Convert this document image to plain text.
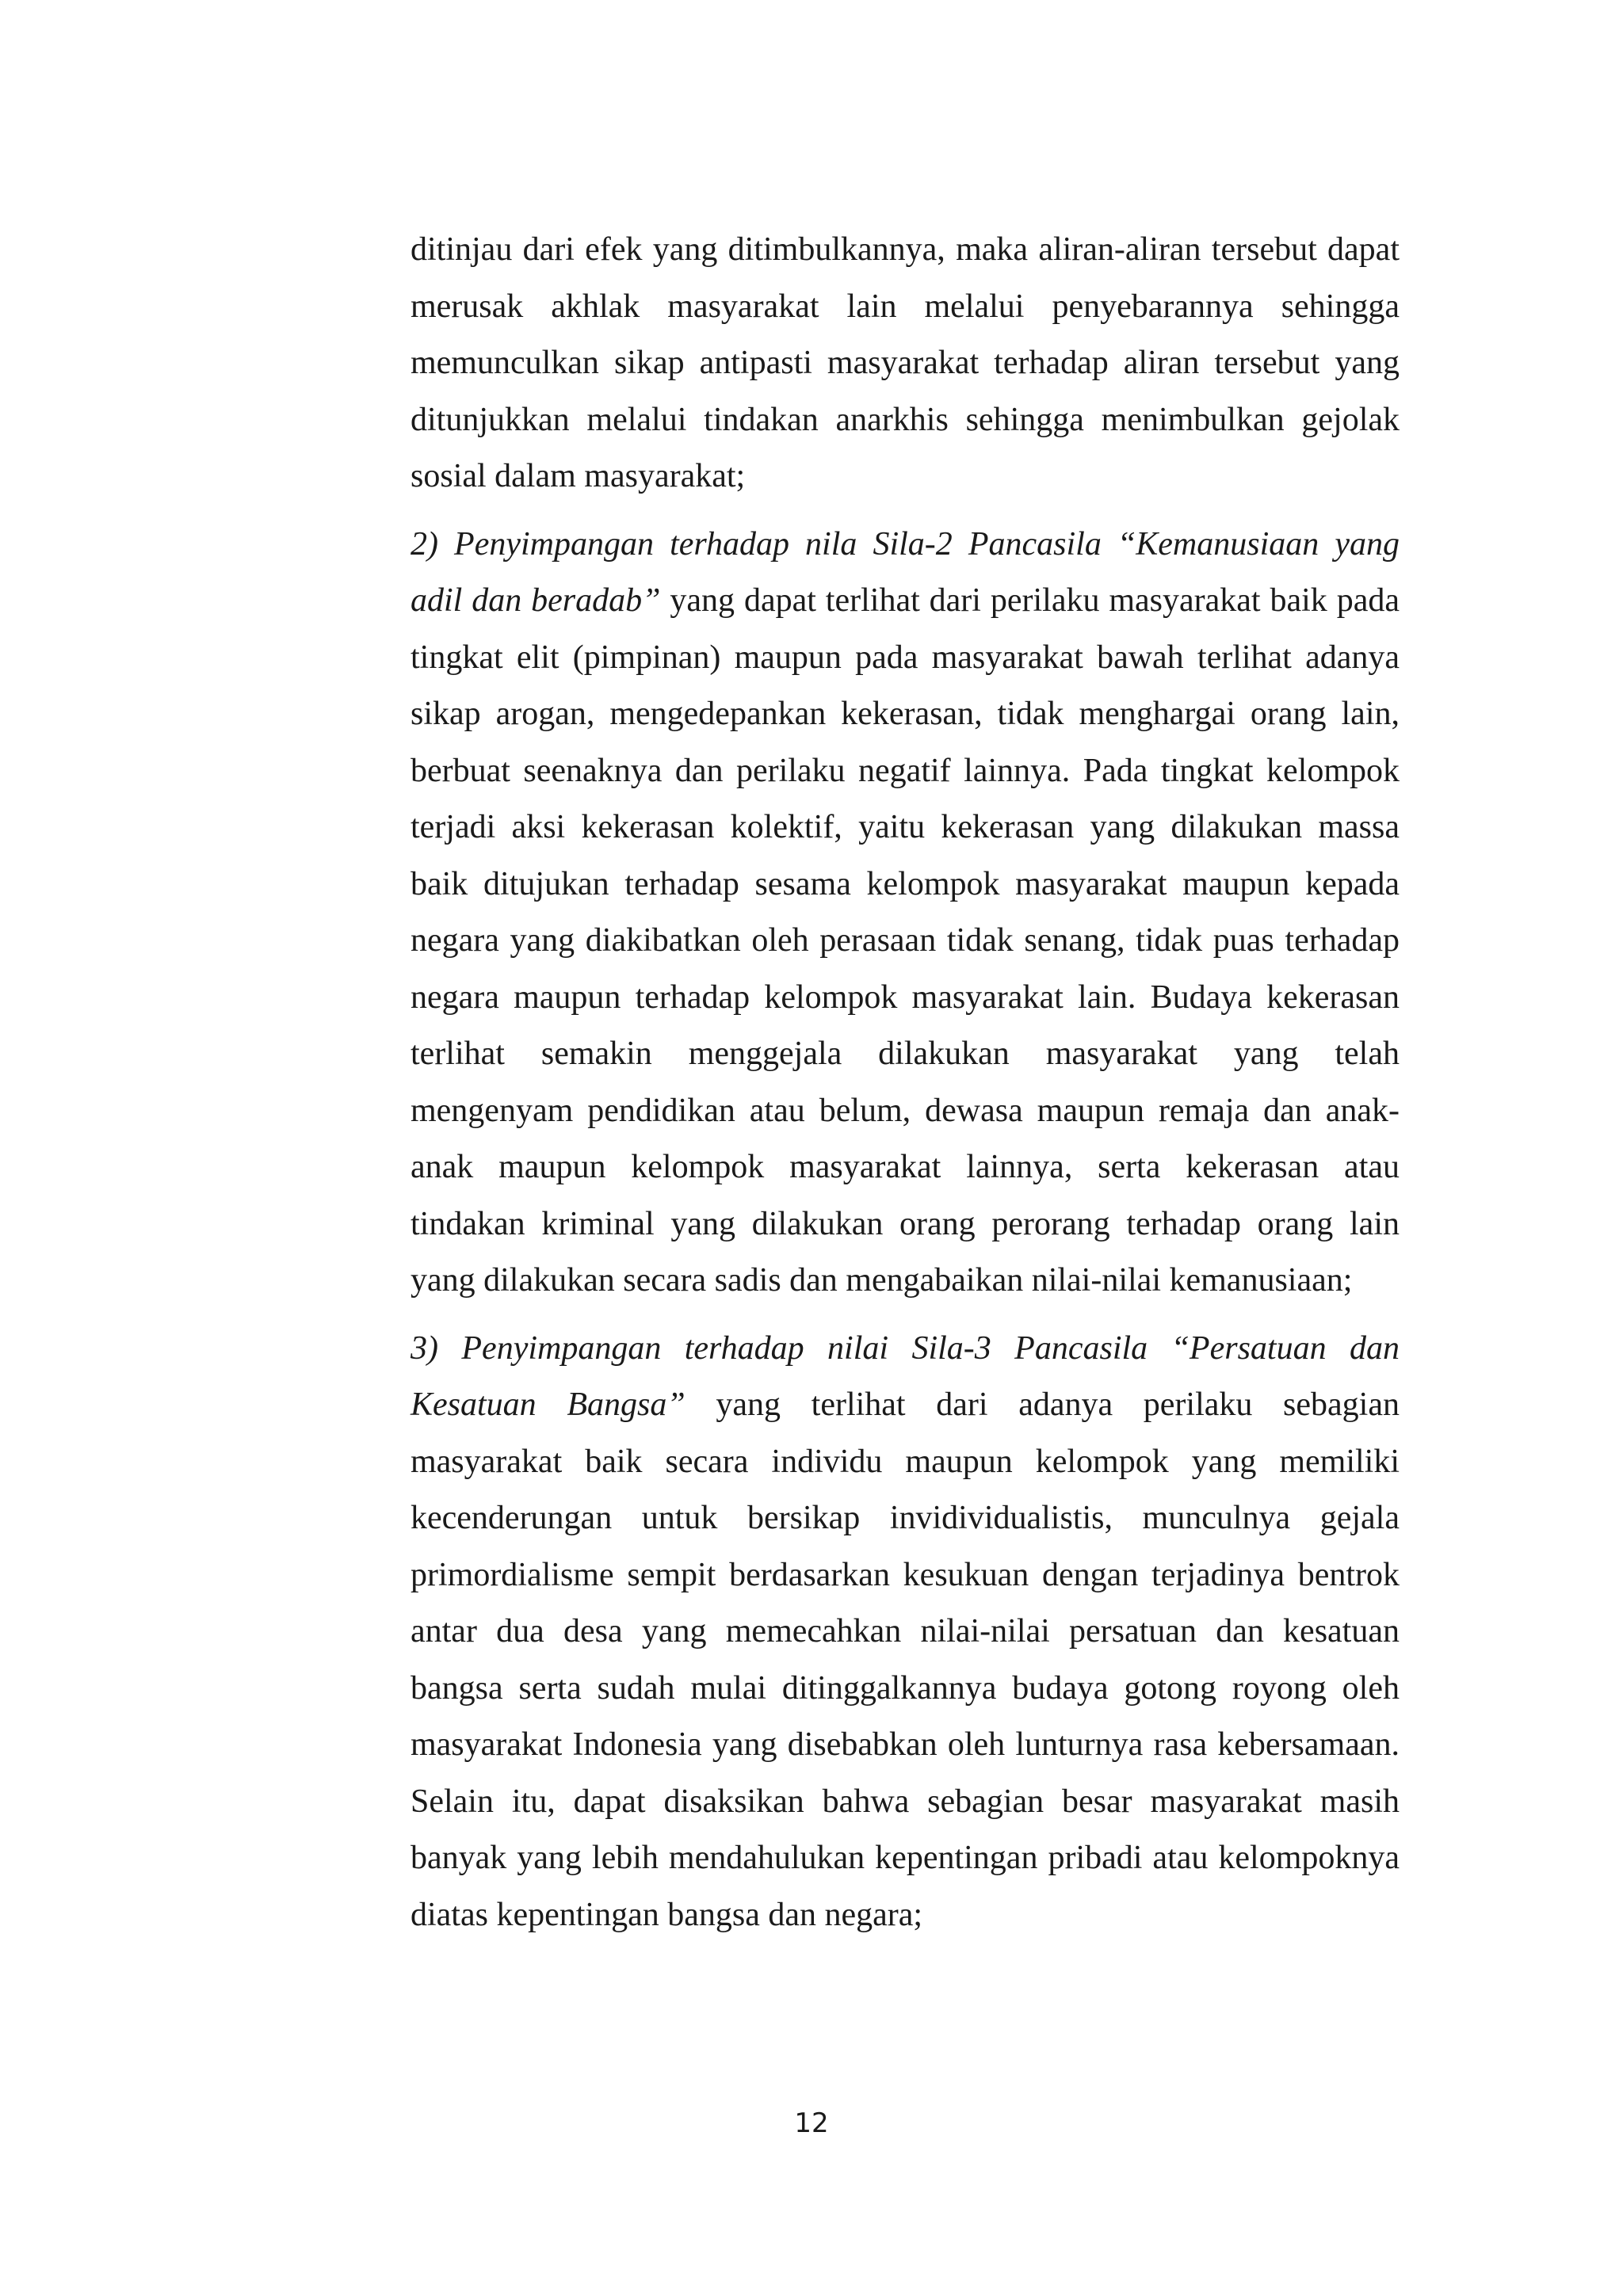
ditinjau dari efek yang ditimbulkannya, maka aliran-aliran tersebut dapat merusak akhlak masyarakat lain melalui penyebarannya sehingga memunculkan sikap antipasti masyarakat terhadap aliran tersebut yang ditunjukkan melalui tindakan anarkhis sehingga menimbulkan gejolak sosial dalam masyarakat;

2) Penyimpangan terhadap nila Sila-2 Pancasila “Kemanusiaan yang adil dan beradab” yang dapat terlihat dari perilaku masyarakat baik pada tingkat elit (pimpinan) maupun pada masyarakat bawah terlihat adanya sikap arogan, mengedepankan kekerasan, tidak menghargai orang lain, berbuat seenaknya dan perilaku negatif lainnya. Pada tingkat kelompok terjadi aksi kekerasan kolektif, yaitu kekerasan yang dilakukan massa baik ditujukan terhadap sesama kelompok masyarakat maupun kepada negara yang diakibatkan oleh perasaan tidak senang, tidak puas terhadap negara maupun terhadap kelompok masyarakat lain. Budaya kekerasan terlihat semakin menggejala dilakukan masyarakat yang telah mengenyam pendidikan atau belum, dewasa maupun remaja dan anak-anak maupun kelompok masyarakat lainnya, serta kekerasan atau tindakan kriminal yang dilakukan orang perorang terhadap orang lain yang dilakukan secara sadis dan mengabaikan nilai-nilai kemanusiaan;

3) Penyimpangan terhadap nilai Sila-3 Pancasila “Persatuan dan Kesatuan Bangsa” yang terlihat dari adanya perilaku sebagian masyarakat baik secara individu maupun kelompok yang memiliki kecenderungan untuk bersikap invidividualistis, munculnya gejala primordialisme sempit berdasarkan kesukuan dengan terjadinya bentrok antar dua desa yang memecahkan nilai-nilai persatuan dan kesatuan bangsa serta sudah mulai ditinggalkannya budaya gotong royong oleh masyarakat Indonesia yang disebabkan oleh lunturnya rasa kebersamaan. Selain itu, dapat disaksikan bahwa sebagian besar masyarakat masih banyak yang lebih mendahulukan kepentingan pribadi atau kelompoknya diatas kepentingan bangsa dan negara;

12
